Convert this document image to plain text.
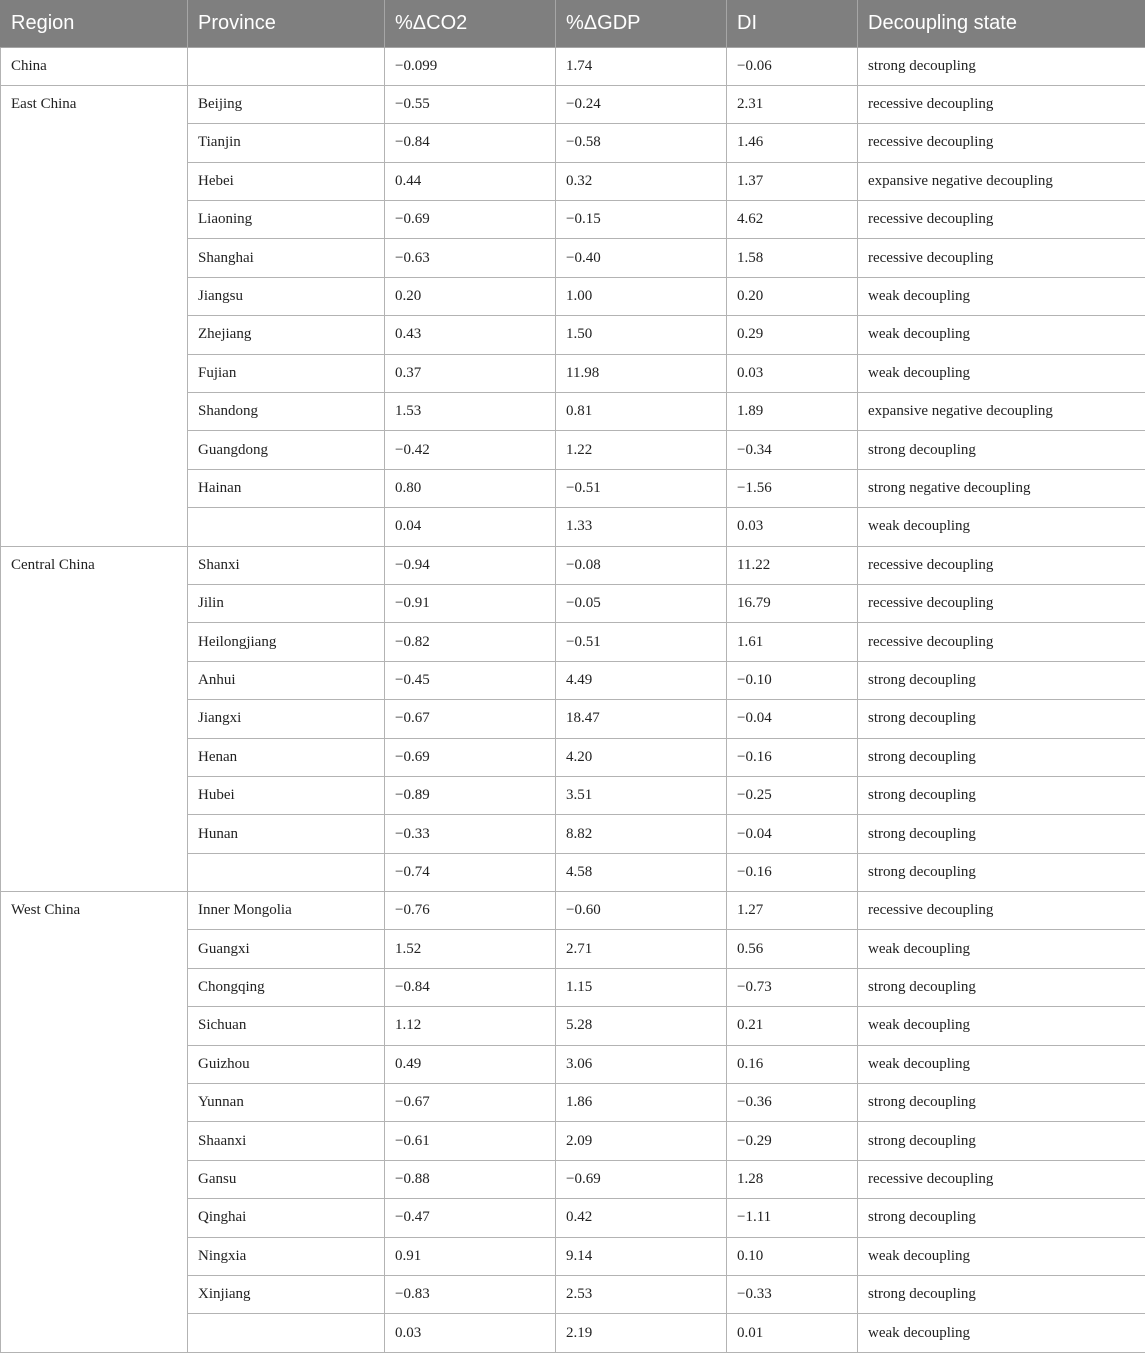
Region	Province	%ΔCO2	%ΔGDP	DI	Decoupling state
China		−0.099	1.74	−0.06	strong decoupling
East China	Beijing	−0.55	−0.24	2.31	recessive decoupling
	Tianjin	−0.84	−0.58	1.46	recessive decoupling
	Hebei	0.44	0.32	1.37	expansive negative decoupling
	Liaoning	−0.69	−0.15	4.62	recessive decoupling
	Shanghai	−0.63	−0.40	1.58	recessive decoupling
	Jiangsu	0.20	1.00	0.20	weak decoupling
	Zhejiang	0.43	1.50	0.29	weak decoupling
	Fujian	0.37	11.98	0.03	weak decoupling
	Shandong	1.53	0.81	1.89	expansive negative decoupling
	Guangdong	−0.42	1.22	−0.34	strong decoupling
	Hainan	0.80	−0.51	−1.56	strong negative decoupling
		0.04	1.33	0.03	weak decoupling
Central China	Shanxi	−0.94	−0.08	11.22	recessive decoupling
	Jilin	−0.91	−0.05	16.79	recessive decoupling
	Heilongjiang	−0.82	−0.51	1.61	recessive decoupling
	Anhui	−0.45	4.49	−0.10	strong decoupling
	Jiangxi	−0.67	18.47	−0.04	strong decoupling
	Henan	−0.69	4.20	−0.16	strong decoupling
	Hubei	−0.89	3.51	−0.25	strong decoupling
	Hunan	−0.33	8.82	−0.04	strong decoupling
		−0.74	4.58	−0.16	strong decoupling
West China	Inner Mongolia	−0.76	−0.60	1.27	recessive decoupling
	Guangxi	1.52	2.71	0.56	weak decoupling
	Chongqing	−0.84	1.15	−0.73	strong decoupling
	Sichuan	1.12	5.28	0.21	weak decoupling
	Guizhou	0.49	3.06	0.16	weak decoupling
	Yunnan	−0.67	1.86	−0.36	strong decoupling
	Shaanxi	−0.61	2.09	−0.29	strong decoupling
	Gansu	−0.88	−0.69	1.28	recessive decoupling
	Qinghai	−0.47	0.42	−1.11	strong decoupling
	Ningxia	0.91	9.14	0.10	weak decoupling
	Xinjiang	−0.83	2.53	−0.33	strong decoupling
		0.03	2.19	0.01	weak decoupling
